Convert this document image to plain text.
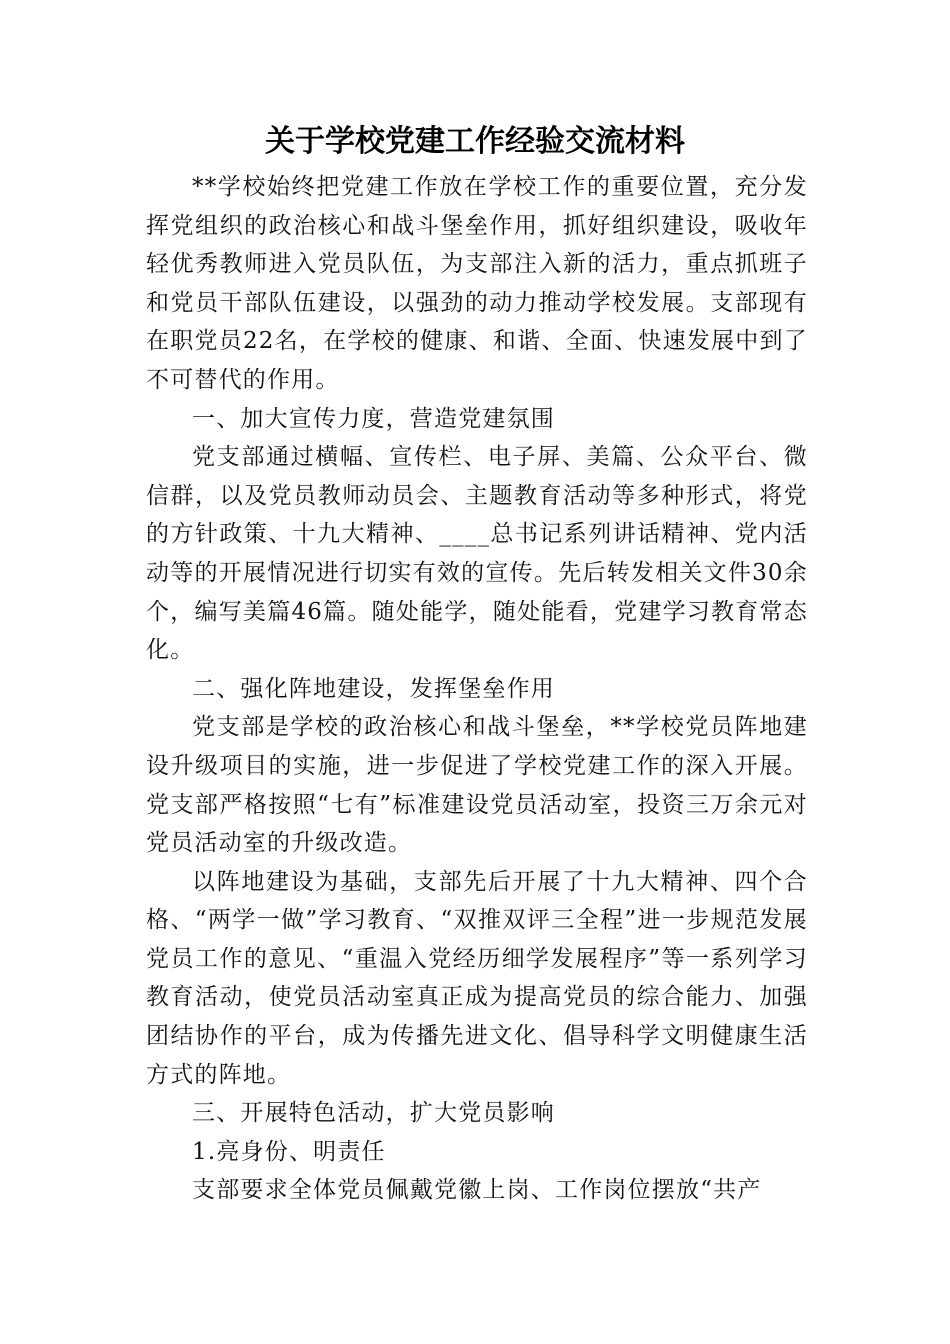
关于学校党建工作经验交流材料

**学校始终把党建工作放在学校工作的重要位置，充分发挥党组织的政治核心和战斗堡垒作用，抓好组织建设，吸收年轻优秀教师进入党员队伍，为支部注入新的活力，重点抓班子和党员干部队伍建设，以强劲的动力推动学校发展。支部现有在职党员22名，在学校的健康、和谐、全面、快速发展中到了不可替代的作用。

一、加大宣传力度，营造党建氛围

党支部通过横幅、宣传栏、电子屏、美篇、公众平台、微信群，以及党员教师动员会、主题教育活动等多种形式，将党的方针政策、十九大精神、____总书记系列讲话精神、党内活动等的开展情况进行切实有效的宣传。先后转发相关文件30余个，编写美篇46篇。随处能学，随处能看，党建学习教育常态化。

二、强化阵地建设，发挥堡垒作用

党支部是学校的政治核心和战斗堡垒，**学校党员阵地建设升级项目的实施，进一步促进了学校党建工作的深入开展。党支部严格按照“七有”标准建设党员活动室，投资三万余元对党员活动室的升级改造。

以阵地建设为基础，支部先后开展了十九大精神、四个合格、“两学一做”学习教育、“双推双评三全程”进一步规范发展党员工作的意见、“重温入党经历细学发展程序”等一系列学习教育活动，使党员活动室真正成为提高党员的综合能力、加强团结协作的平台，成为传播先进文化、倡导科学文明健康生活方式的阵地。

三、开展特色活动，扩大党员影响

1.亮身份、明责任

支部要求全体党员佩戴党徽上岗、工作岗位摆放“共产
